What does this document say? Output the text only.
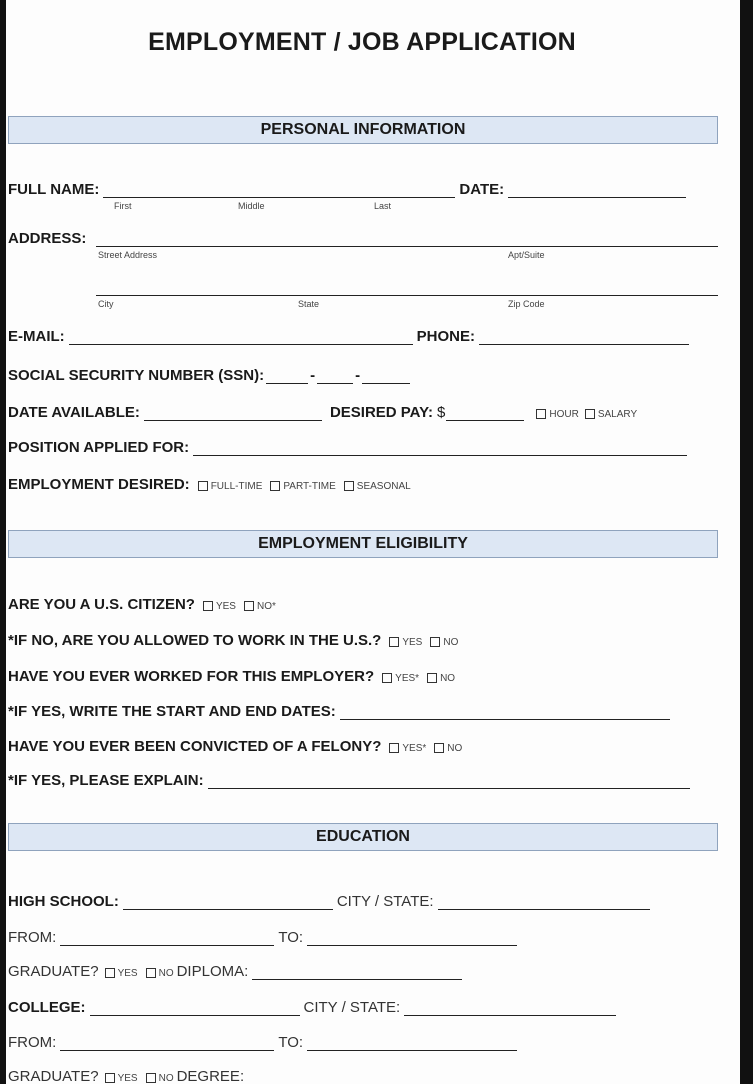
EMPLOYMENT / JOB APPLICATION
PERSONAL INFORMATION
FULL NAME:	DATE:
First	Middle	Last
ADDRESS:
Street Address	Apt/Suite
City	State	Zip Code
E-MAIL:	PHONE:
SOCIAL SECURITY NUMBER (SSN):	-	-
DATE AVAILABLE:	DESIRED PAY: $	HOUR SALARY
POSITION APPLIED FOR:
EMPLOYMENT DESIRED: FULL-TIME PART-TIME SEASONAL
EMPLOYMENT ELIGIBILITY
ARE YOU A U.S. CITIZEN? YES NO*
*IF NO, ARE YOU ALLOWED TO WORK IN THE U.S.? YES NO
HAVE YOU EVER WORKED FOR THIS EMPLOYER? YES* NO
*IF YES, WRITE THE START AND END DATES:
HAVE YOU EVER BEEN CONVICTED OF A FELONY? YES* NO
*IF YES, PLEASE EXPLAIN:
EDUCATION
HIGH SCHOOL:	CITY / STATE:
FROM:	TO:
GRADUATE? YES NO DIPLOMA:
COLLEGE:	CITY / STATE:
FROM:	TO:
GRADUATE? YES NO DEGREE:
